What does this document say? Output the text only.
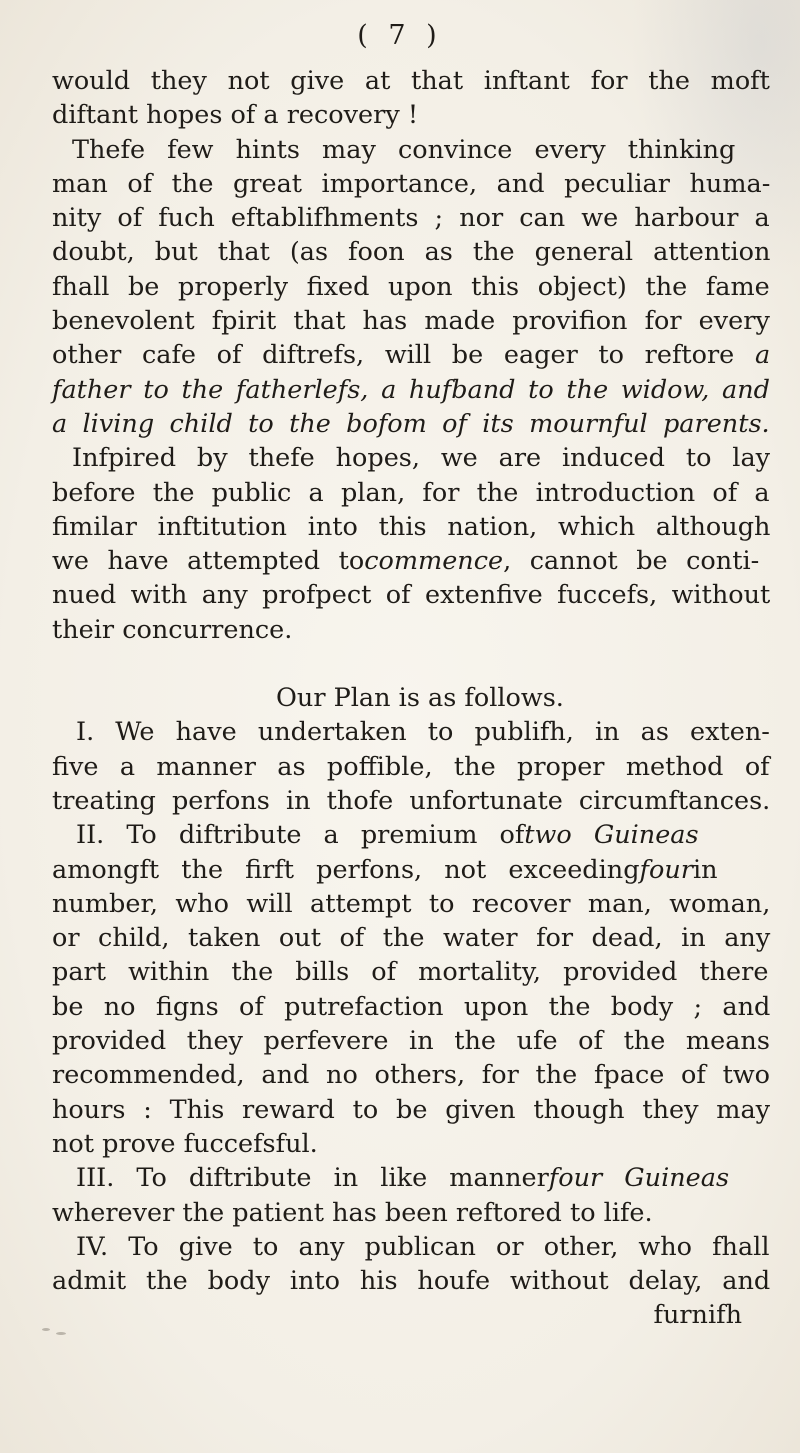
( 7 )
would they not give at that inftant for the moft
diftant hopes of a recovery !
Thefe few hints may convince every thinking
man of the great importance, and peculiar huma-
nity of fuch eftablifhments ; nor can we harbour a
doubt, but that (as foon as the general attention
fhall be properly fixed upon this object) the fame
benevolent fpirit that has made provifion for every
other cafe of diftrefs, will be eager to reftore a
father to the fatherlefs, a hufband to the widow, and
a living child to the bofom of its mournful parents.
Infpired by thefe hopes, we are induced to lay
before the public a plan, for the introduction of a
fimilar inftitution into this nation, which although
we have attempted tocommence, cannot be conti-
nued with any profpect of extenfive fuccefs, without
their concurrence.
Our Plan is as follows.
I. We have undertaken to publifh, in as exten-
five a manner as poffible, the proper method of
treating perfons in thofe unfortunate circumftances.
II. To diftribute a premium oftwo Guineas
amongft the firft perfons, not exceedingfourin
number, who will attempt to recover man, woman,
or child, taken out of the water for dead, in any
part within the bills of mortality, provided there
be no figns of putrefaction upon the body ; and
provided they perfevere in the ufe of the means
recommended, and no others, for the fpace of two
hours : This reward to be given though they may
not prove fuccefsful.
III. To diftribute in like mannerfour Guineas
wherever the patient has been reftored to life.
IV. To give to any publican or other, who fhall
admit the body into his houfe without delay, and
furnifh
